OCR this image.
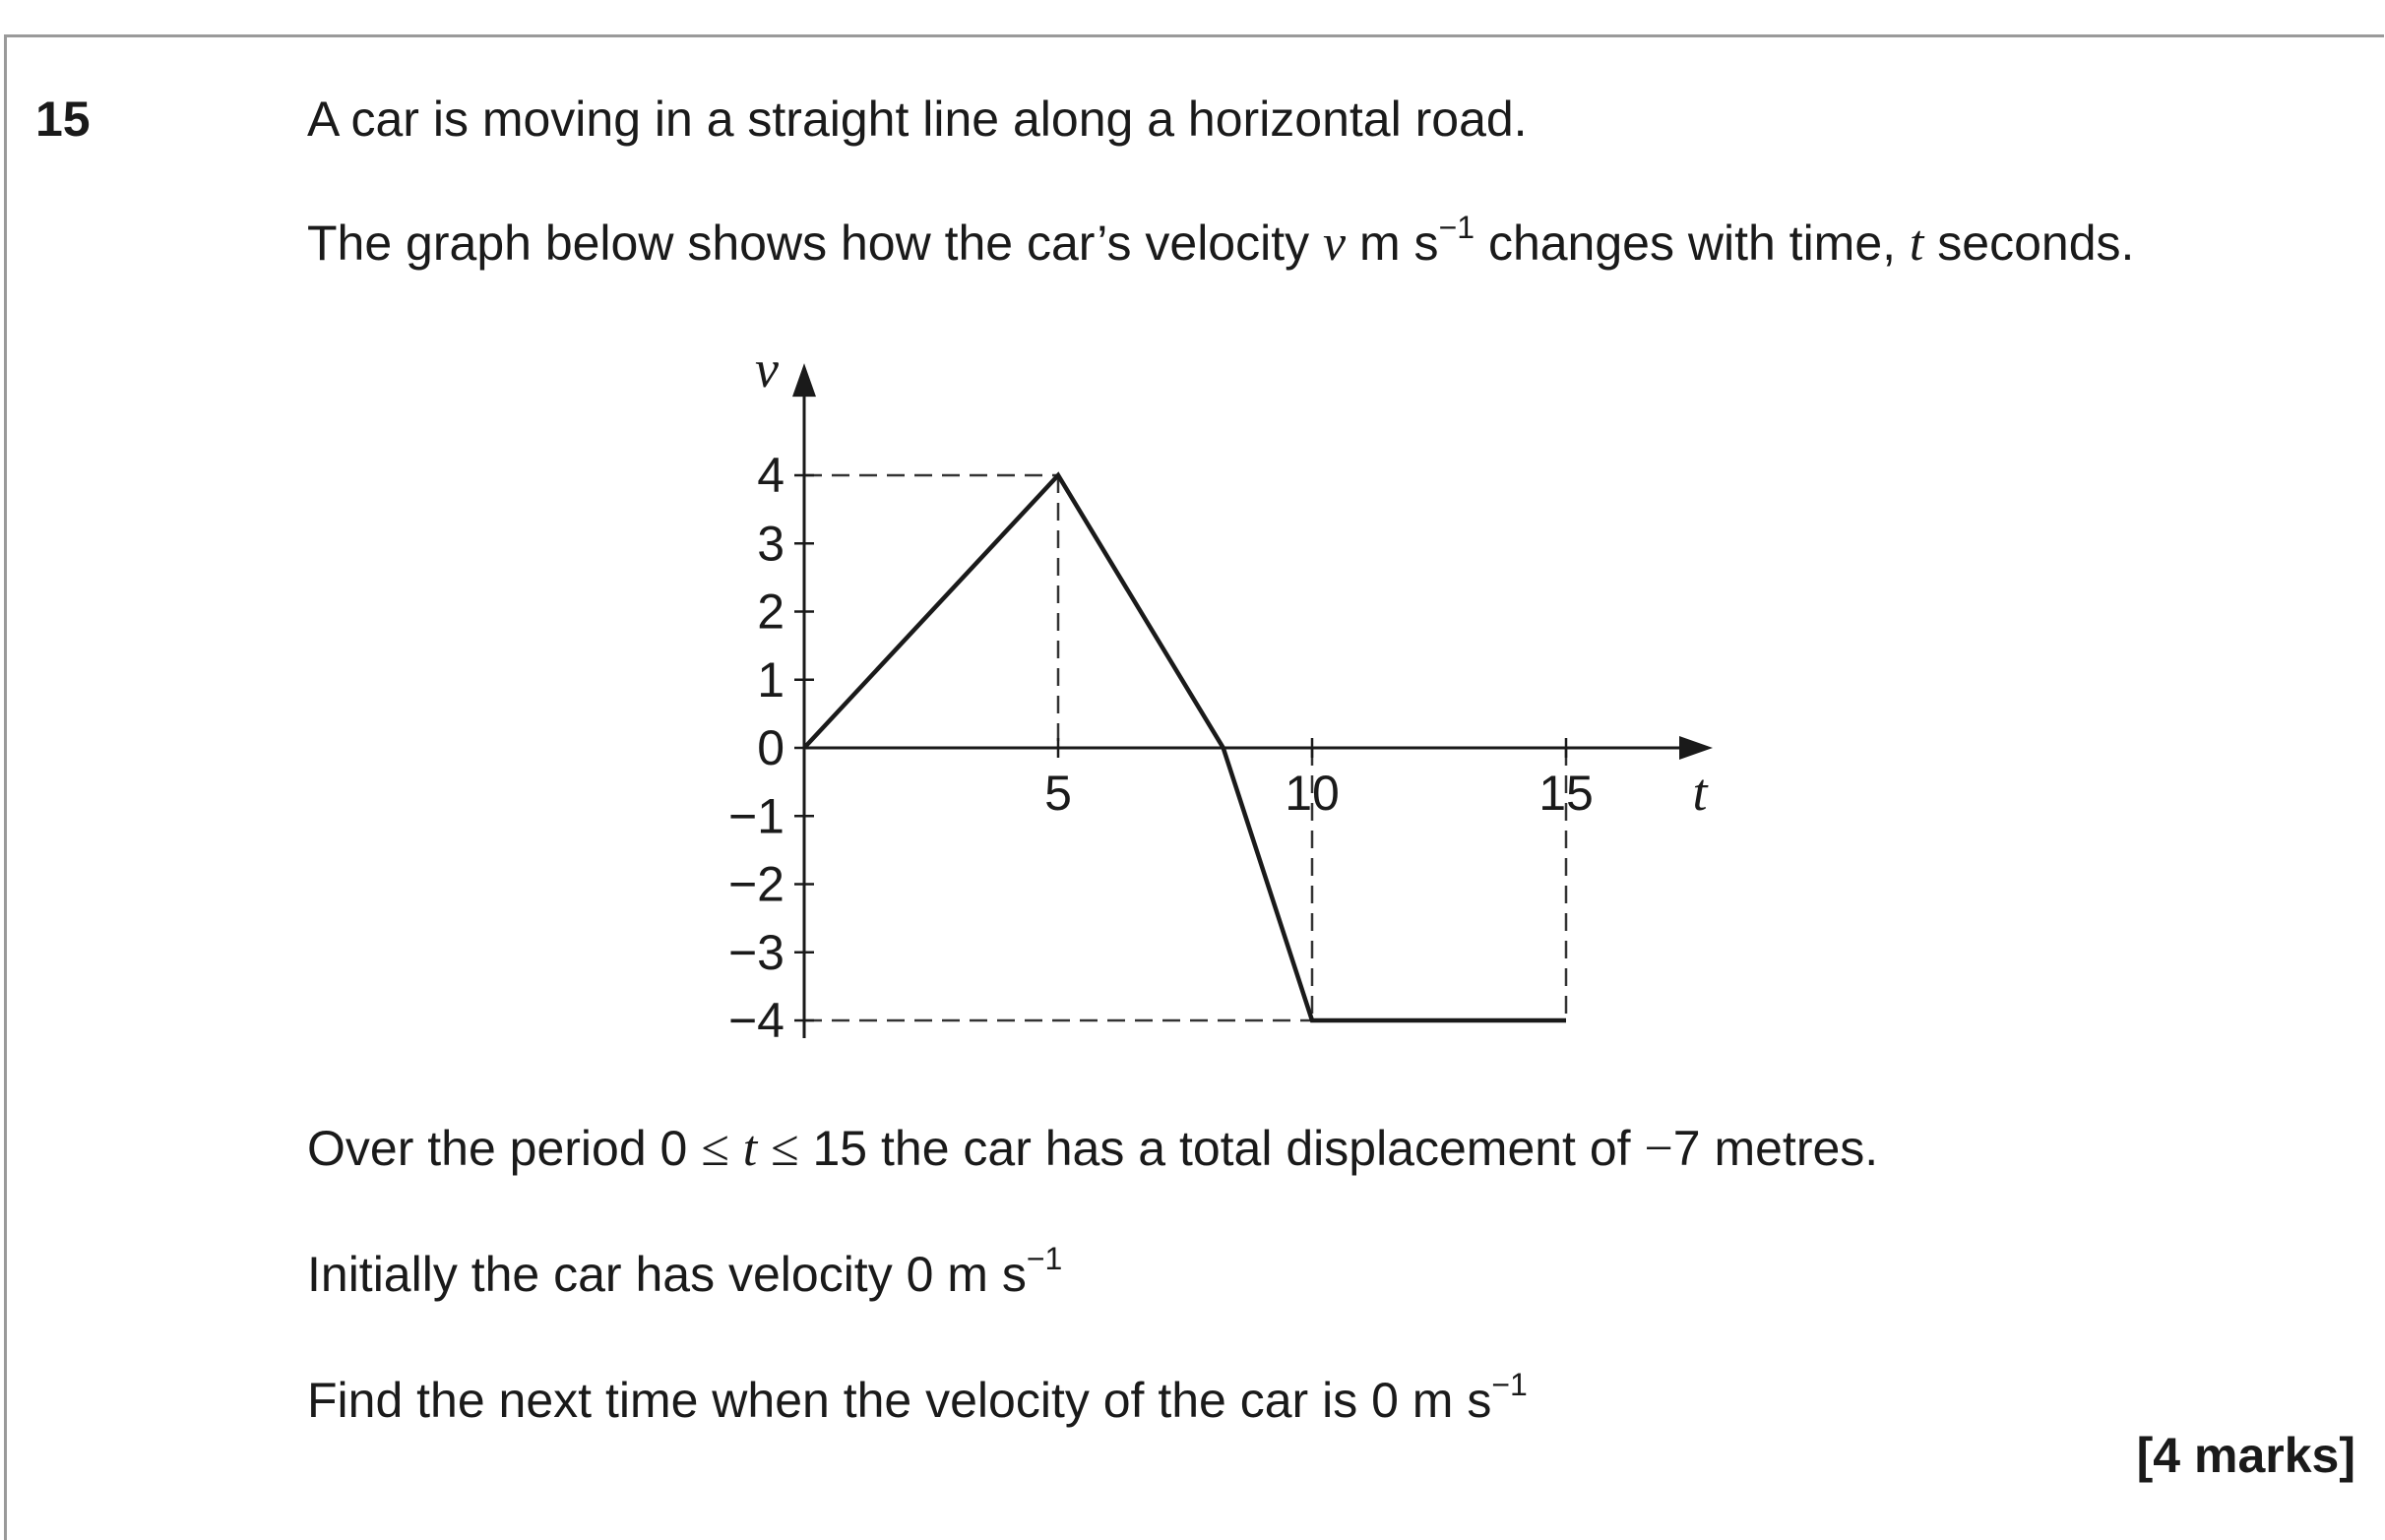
15	A car is moving in a straight line along a horizontal road.
The graph below shows how the car’s velocity v m $s^{-1}$ changes with time, t seconds.
4
3
2
1
0
−1
−2
−3
−4
5	10	15 t
v
Over the period 0 ≤ t ≤ 15 the car has a total displacement of −7 metres.
Initially the car has velocity 0 m $s^{-1}$
Find the next time when the velocity of the car is 0 m $s^{-1}$
[4 marks]
